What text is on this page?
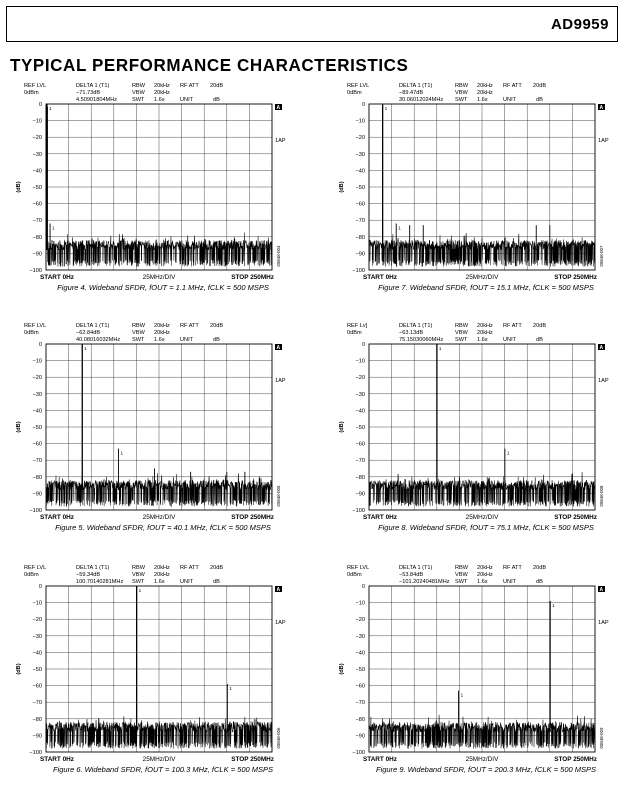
AD9959
TYPICAL PERFORMANCE CHARACTERISTICS
REF LVL
0dBm
DELTA 1 (T1)
−71.73dB
4.50901804MHz
RBW
VBW
SWT
20kHz
20kHz
1.6s
RF ATT
UNIT
20dB
dB
0
−10
−20
−30
−40
−50
−60
−70
−80
−90
−100
(dB)
START 0Hz	25MHz/DIV	STOP 250MHz
A
1AP
05848-004
1
1
Figure 4. Wideband SFDR, fOUT = 1.1 MHz, fCLK = 500 MSPS
REF LVL
0dBm
DELTA 1 (T1)
−89.47dB
30.06012024MHz
RBW
VBW
SWT
20kHz
20kHz
1.6s
RF ATT
UNIT
20dB
dB
0
−10
−20
−30
−40
−50
−60
−70
−80
−90
−100
(dB)
START 0Hz	25MHz/DIV	STOP 250MHz
A
1AP
05848-007
1
1
Figure 7. Wideband SFDR, fOUT = 15.1 MHz, fCLK = 500 MSPS
REF LVL
0dBm
DELTA 1 (T1)
−62.84dB
40.08016032MHz
RBW
VBW
SWT
20kHz
20kHz
1.6s
RF ATT
UNIT
20dB
dB
0
−10
−20
−30
−40
−50
−60
−70
−80
−90
−100
(dB)
START 0Hz	25MHz/DIV	STOP 250MHz
A
1AP
05848-005
1
1
Figure 5. Wideband SFDR, fOUT = 40.1 MHz, fCLK = 500 MSPS
REF Lv]
0dBm
DELTA 1 (T1)
−63.13dB
75.15030060MHz
RBW
VBW
SWT
20kHz
20kHz
1.6s
RF ATT
UNIT
20dB
dB
0
−10
−20
−30
−40
−50
−60
−70
−80
−90
−100
(dB)
START 0Hz	25MHz/DIV	STOP 250MHz
A
1AP
05848-008
1
1
Figure 8. Wideband SFDR, fOUT = 75.1 MHz, fCLK = 500 MSPS
REF LVL
0dBm
DELTA 1 (T1)
−59.34dB
100.70140281MHz
RBW
VBW
SWT
20kHz
20kHz
1.6s
RF ATT
UNIT
20dB
dB
0
−10
−20
−30
−40
−50
−60
−70
−80
−90
−100
(dB)
START 0Hz	25MHz/DIV	STOP 250MHz
A
1AP
05848-006
1
1
Figure 6. Wideband SFDR, fOUT = 100.3 MHz, fCLK = 500 MSPS
REF LVL
0dBm
DELTA 1 (T1)
−53.84dB
−101.20240481MHz
RBW
VBW
SWT
20kHz
20kHz
1.6s
RF ATT
UNIT
20dB
dB
0
−10
−20
−30
−40
−50
−60
−70
−80
−90
−100
(dB)
START 0Hz	25MHz/DIV	STOP 250MHz
A
1AP
05848-009
1
1
Figure 9. Wideband SFDR, fOUT = 200.3 MHz, fCLK = 500 MSPS
